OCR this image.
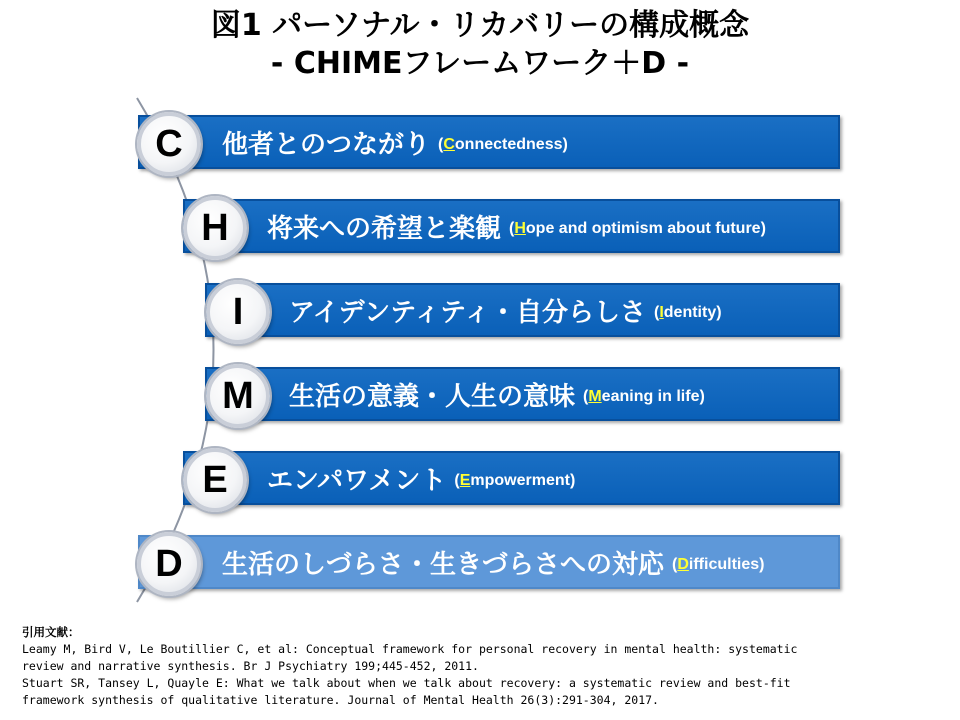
図1 パーソナル・リカバリーの構成概念
- CHIMEフレームワーク＋D -
他者とのつながり (Connectedness)
C
将来への希望と楽観 (Hope and optimism about future)
H
アイデンティティ・自分らしさ (Identity)
I
生活の意義・人生の意味 (Meaning in life)
M
エンパワメント (Empowerment)
E
生活のしづらさ・生きづらさへの対応 (Difficulties)
D
引用文献：
Leamy M, Bird V, Le Boutillier C, et al: Conceptual framework for personal recovery in mental health: systematic
review and narrative synthesis. Br J Psychiatry 199;445-452, 2011.
Stuart SR, Tansey L, Quayle E: What we talk about when we talk about recovery: a systematic review and best-fit
framework synthesis of qualitative literature. Journal of Mental Health 26(3):291-304, 2017.
